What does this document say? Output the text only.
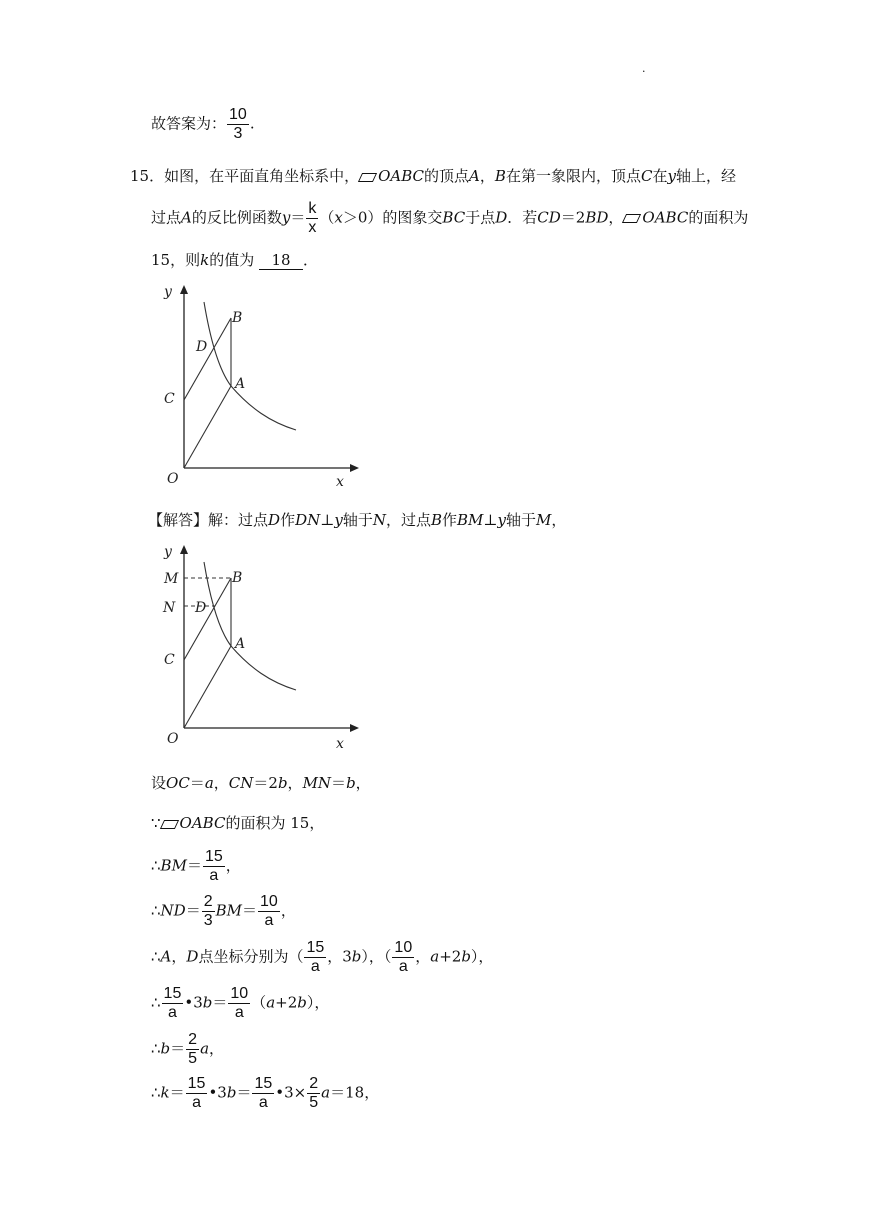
.
故答案为： $\frac{10}{3}$ .
15．如图，在平面直角坐标系中， OABC的顶点A，B在第一象限内，顶点C在y轴上，经
过点A的反比例函数$y= \frac{k}{x} (x>0)$的图象交BC于点D．若CD＝2BD， OABC的面积为
15，则k的值为 18 ．
y
x
O
B
D
A
C
【解答】解：过点D作DN⊥y轴于N，过点B作BM⊥y轴于M，
y
x
O
M
N
B
D
A
C
设OC＝a，CN＝2b，MN＝b，
∵ OABC的面积为 15，
∴BM＝ $\frac{15}{a}$ ，
∴ND＝ $\frac{2}{3} BM= \frac{10}{a}$ ，
∴A，D点坐标分别为（ $\frac{15}{a}$ ，3b），（ $\frac{10}{a}$ ，a+2b），
∴ $\frac{15}{a}$ •3b＝ $\frac{10}{a} (a+2b)$，
∴b＝ $\frac{2}{5}$ a，
∴k＝ $\frac{15}{a}$ •3b＝ $\frac{15}{a}$ •3× $\frac{2}{5} a=18$，
